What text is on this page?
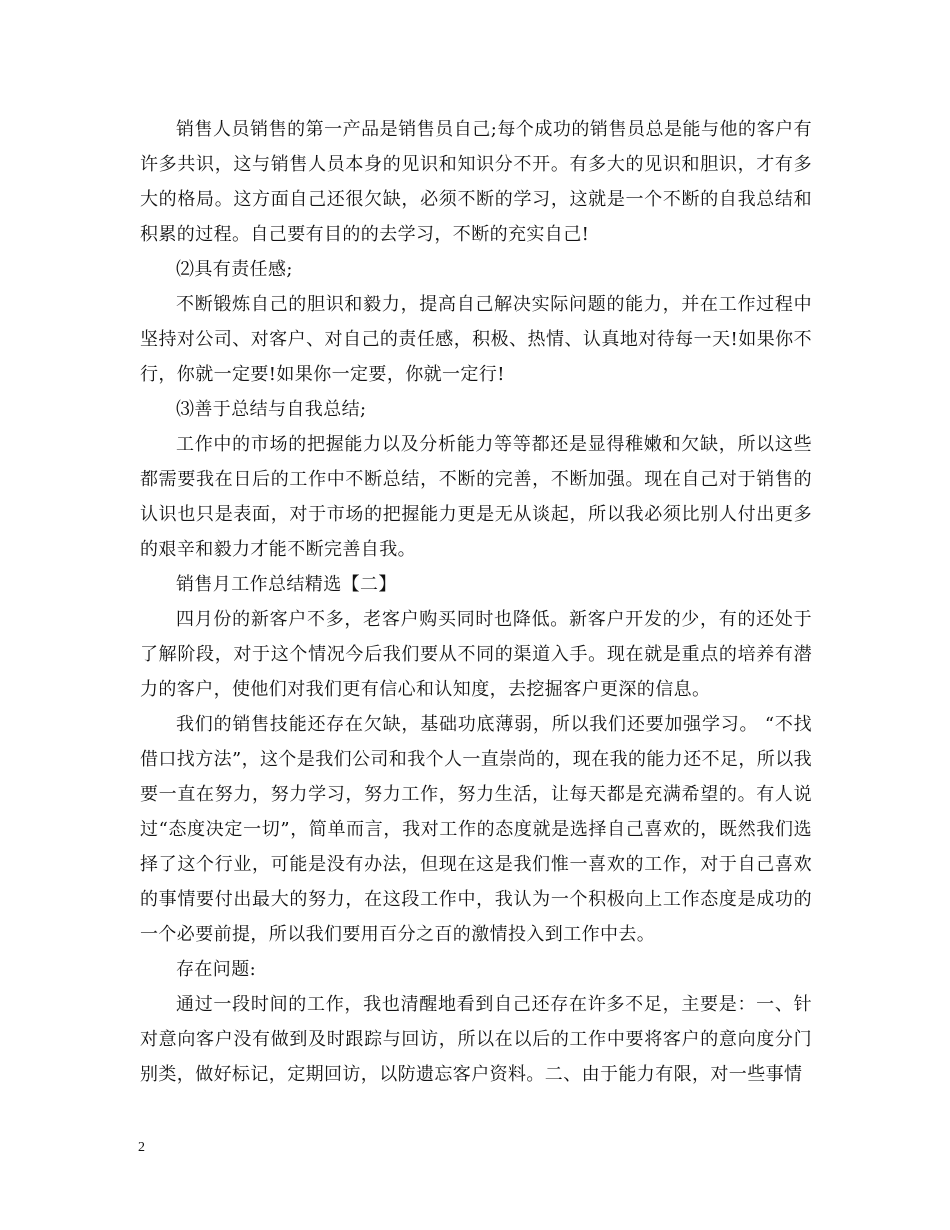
销售人员销售的第一产品是销售员自己;每个成功的销售员总是能与他的客户有许多共识，这与销售人员本身的见识和知识分不开。有多大的见识和胆识，才有多大的格局。这方面自己还很欠缺，必须不断的学习，这就是一个不断的自我总结和积累的过程。自己要有目的的去学习，不断的充实自己!

⑵具有责任感;

不断锻炼自己的胆识和毅力，提高自己解决实际问题的能力，并在工作过程中坚持对公司、对客户、对自己的责任感，积极、热情、认真地对待每一天!如果你不行，你就一定要!如果你一定要，你就一定行!

⑶善于总结与自我总结;

工作中的市场的把握能力以及分析能力等等都还是显得稚嫩和欠缺，所以这些都需要我在日后的工作中不断总结，不断的完善，不断加强。现在自己对于销售的认识也只是表面，对于市场的把握能力更是无从谈起，所以我必须比别人付出更多的艰辛和毅力才能不断完善自我。

销售月工作总结精选【二】

四月份的新客户不多，老客户购买同时也降低。新客户开发的少，有的还处于了解阶段，对于这个情况今后我们要从不同的渠道入手。现在就是重点的培养有潜力的客户，使他们对我们更有信心和认知度，去挖掘客户更深的信息。

我们的销售技能还存在欠缺，基础功底薄弱，所以我们还要加强学习。 “不找借口找方法”，这个是我们公司和我个人一直崇尚的，现在我的能力还不足，所以我要一直在努力，努力学习，努力工作，努力生活，让每天都是充满希望的。有人说过“态度决定一切”，简单而言，我对工作的态度就是选择自己喜欢的，既然我们选择了这个行业，可能是没有办法，但现在这是我们惟一喜欢的工作，对于自己喜欢的事情要付出最大的努力，在这段工作中，我认为一个积极向上工作态度是成功的一个必要前提，所以我们要用百分之百的激情投入到工作中去。

存在问题:

通过一段时间的工作，我也清醒地看到自己还存在许多不足，主要是：一、针对意向客户没有做到及时跟踪与回访，所以在以后的工作中要将客户的意向度分门别类，做好标记，定期回访，以防遗忘客户资料。二、由于能力有限，对一些事情

2
